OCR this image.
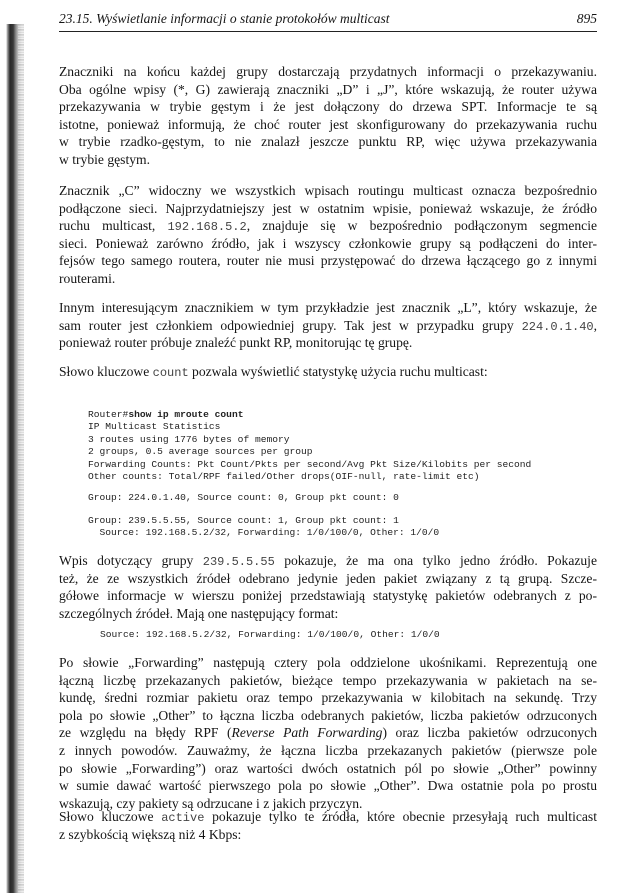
23.15. Wyświetlanie informacji o stanie protokołów multicast	895
Znaczniki na końcu każdej grupy dostarczają przydatnych informacji o przekazywaniu.
Oba ogólne wpisy (*, G) zawierają znaczniki „D” i „J”, które wskazują, że router używa
przekazywania w trybie gęstym i że jest dołączony do drzewa SPT. Informacje te są
istotne, ponieważ informują, że choć router jest skonfigurowany do przekazywania ruchu
w trybie rzadko-gęstym, to nie znalazł jeszcze punktu RP, więc używa przekazywania
w trybie gęstym.
Znacznik „C” widoczny we wszystkich wpisach routingu multicast oznacza bezpośrednio
podłączone sieci. Najprzydatniejszy jest w ostatnim wpisie, ponieważ wskazuje, że źródło
ruchu multicast, 192.168.5.2, znajduje się w bezpośrednio podłączonym segmencie
sieci. Ponieważ zarówno źródło, jak i wszyscy członkowie grupy są podłączeni do inter-
fejsów tego samego routera, router nie musi przystępować do drzewa łączącego go z innymi
routerami.
Innym interesującym znacznikiem w tym przykładzie jest znacznik „L”, który wskazuje, że
sam router jest członkiem odpowiedniej grupy. Tak jest w przypadku grupy 224.0.1.40,
ponieważ router próbuje znaleźć punkt RP, monitorując tę grupę.
Słowo kluczowe count pozwala wyświetlić statystykę użycia ruchu multicast:
Wpis dotyczący grupy 239.5.5.55 pokazuje, że ma ona tylko jedno źródło. Pokazuje
też, że ze wszystkich źródeł odebrano jedynie jeden pakiet związany z tą grupą. Szcze-
gółowe informacje w wierszu poniżej przedstawiają statystykę pakietów odebranych z po-
szczególnych źródeł. Mają one następujący format:
Po słowie „Forwarding” następują cztery pola oddzielone ukośnikami. Reprezentują one
łączną liczbę przekazanych pakietów, bieżące tempo przekazywania w pakietach na se-
kundę, średni rozmiar pakietu oraz tempo przekazywania w kilobitach na sekundę. Trzy
pola po słowie „Other” to łączna liczba odebranych pakietów, liczba pakietów odrzuconych
ze względu na błędy RPF (Reverse Path Forwarding) oraz liczba pakietów odrzuconych
z innych powodów. Zauważmy, że łączna liczba przekazanych pakietów (pierwsze pole
po słowie „Forwarding”) oraz wartości dwóch ostatnich pól po słowie „Other” powinny
w sumie dawać wartość pierwszego pola po słowie „Other”. Dwa ostatnie pola po prostu
wskazują, czy pakiety są odrzucane i z jakich przyczyn.
Słowo kluczowe active pokazuje tylko te źródła, które obecnie przesyłają ruch multicast
z szybkością większą niż 4 Kbps:
Router#show ip mroute count
IP Multicast Statistics
3 routes using 1776 bytes of memory
2 groups, 0.5 average sources per group
Forwarding Counts: Pkt Count/Pkts per second/Avg Pkt Size/Kilobits per second
Other counts: Total/RPF failed/Other drops(OIF-null, rate-limit etc)
Group: 224.0.1.40, Source count: 0, Group pkt count: 0
Group: 239.5.5.55, Source count: 1, Group pkt count: 1
Source: 192.168.5.2/32, Forwarding: 1/0/100/0, Other: 1/0/0
Source: 192.168.5.2/32, Forwarding: 1/0/100/0, Other: 1/0/0
